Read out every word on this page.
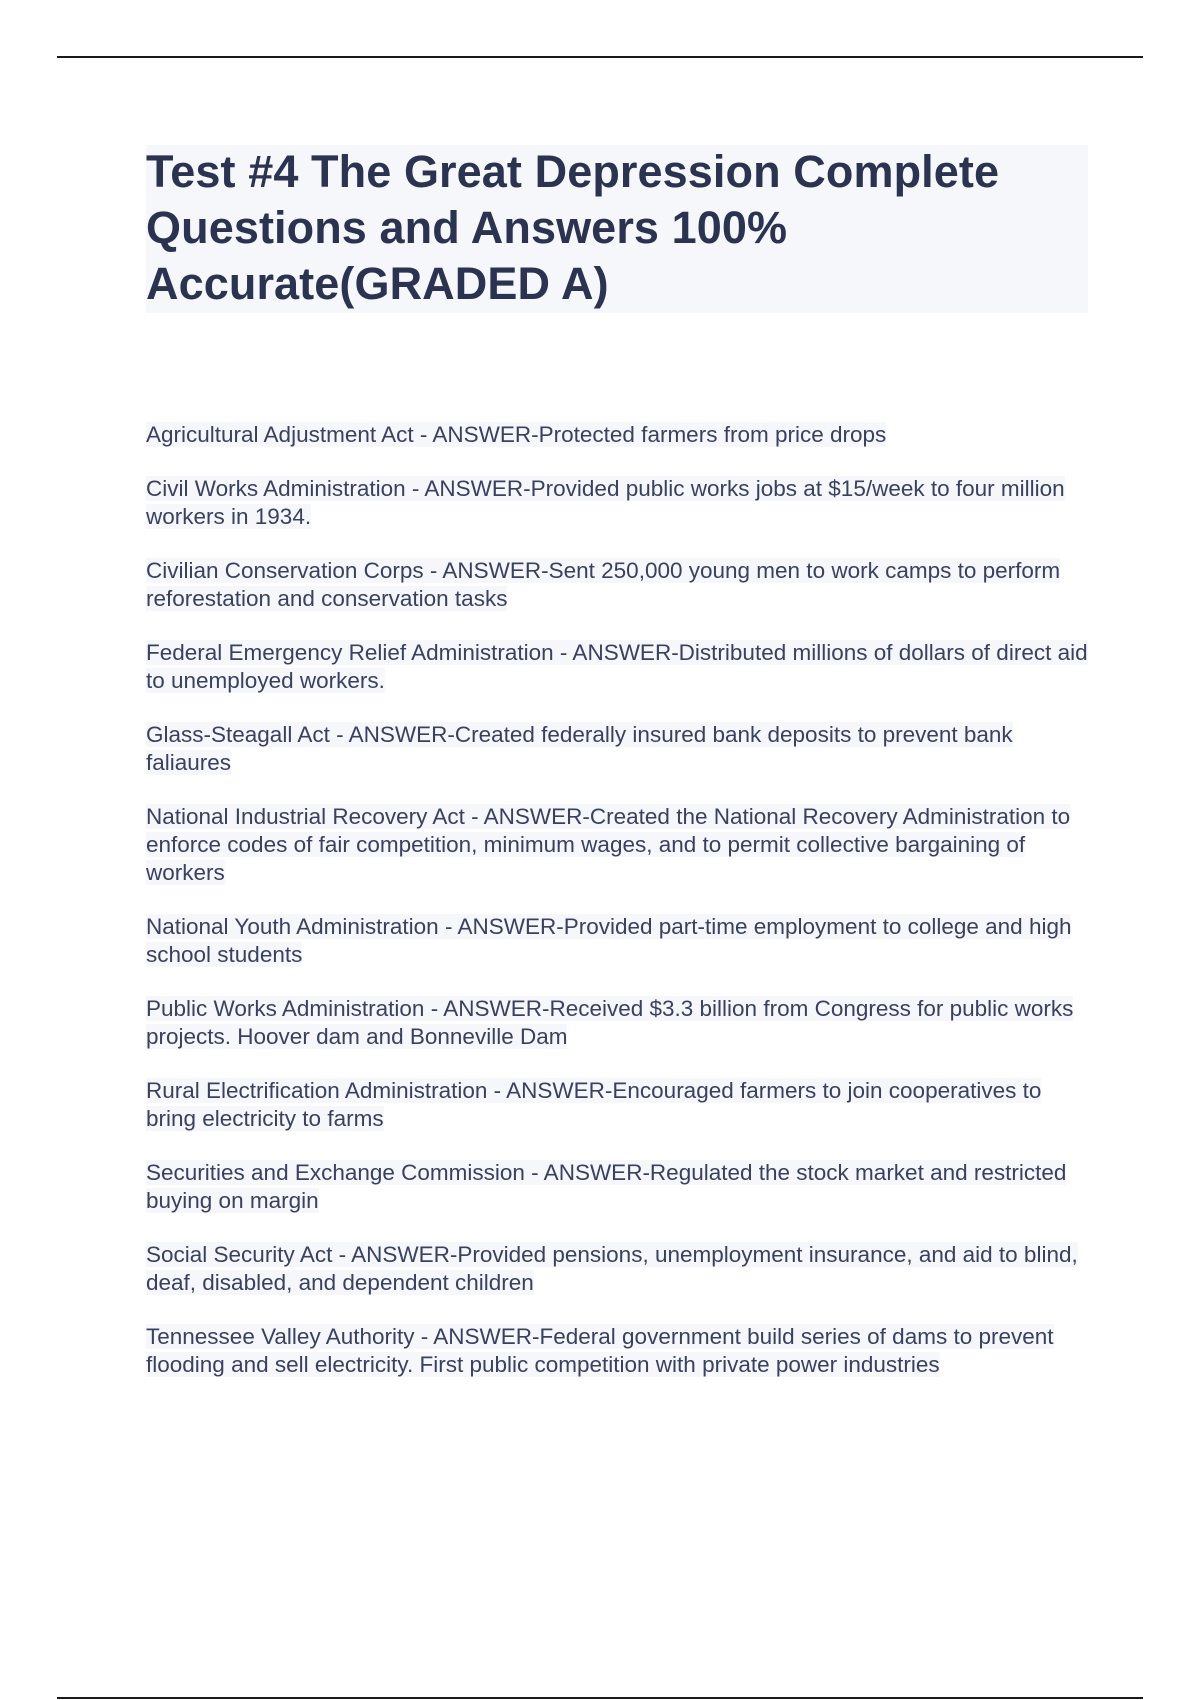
Test #4 The Great Depression Complete Questions and Answers 100% Accurate(GRADED A)

Agricultural Adjustment Act - ANSWER-Protected farmers from price drops

Civil Works Administration - ANSWER-Provided public works jobs at $15/week to four million workers in 1934.

Civilian Conservation Corps - ANSWER-Sent 250,000 young men to work camps to perform reforestation and conservation tasks

Federal Emergency Relief Administration - ANSWER-Distributed millions of dollars of direct aid to unemployed workers.

Glass-Steagall Act - ANSWER-Created federally insured bank deposits to prevent bank faliaures

National Industrial Recovery Act - ANSWER-Created the National Recovery Administration to enforce codes of fair competition, minimum wages, and to permit collective bargaining of workers

National Youth Administration - ANSWER-Provided part-time employment to college and high school students

Public Works Administration - ANSWER-Received $3.3 billion from Congress for public works projects. Hoover dam and Bonneville Dam

Rural Electrification Administration - ANSWER-Encouraged farmers to join cooperatives to bring electricity to farms

Securities and Exchange Commission - ANSWER-Regulated the stock market and restricted buying on margin

Social Security Act - ANSWER-Provided pensions, unemployment insurance, and aid to blind, deaf, disabled, and dependent children

Tennessee Valley Authority - ANSWER-Federal government build series of dams to prevent flooding and sell electricity. First public competition with private power industries
